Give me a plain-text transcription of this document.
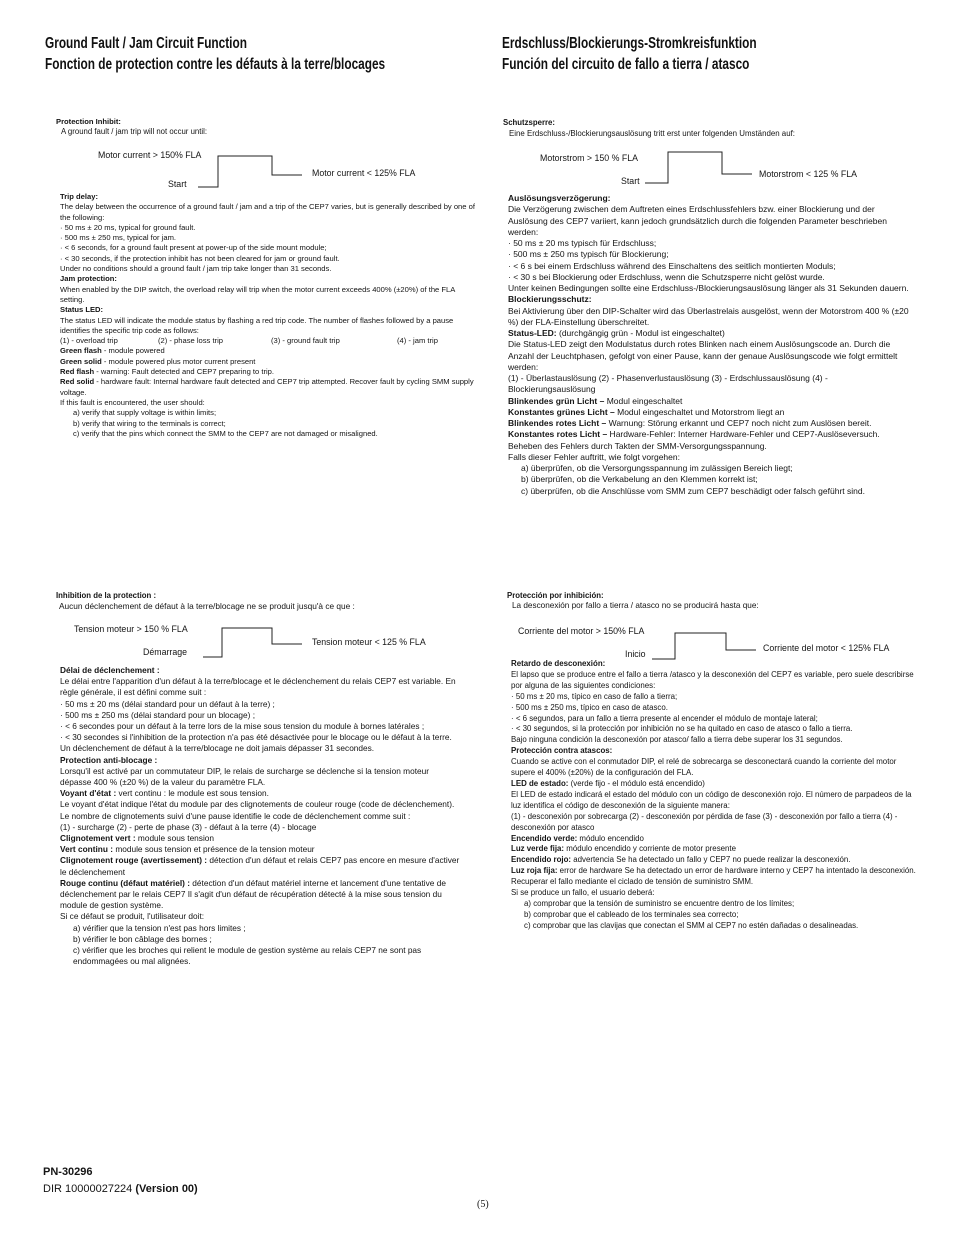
Ground Fault / Jam Circuit Function
Fonction de protection contre les défauts à la terre/blocages
Erdschluss/Blockierungs-Stromkreisfunktion
Función del circuito de fallo a tierra / atasco
Protection Inhibit:
A ground fault / jam trip will not occur until:
Motor current > 150% FLA
Start
Motor current < 125% FLA
Trip delay:
The delay between the occurrence of a ground fault / jam and a trip of the CEP7 varies, but is generally described by one of the following:
· 50 ms ± 20 ms, typical for ground fault.
· 500 ms ± 250 ms, typical for jam.
· < 6 seconds, for a ground fault present at power-up of the side mount module;
· < 30 seconds, if the protection inhibit has not been cleared for jam or ground fault.
Under no conditions should a ground fault / jam trip take longer than 31 seconds.
Jam protection:
When enabled by the DIP switch, the overload relay will trip when the motor current exceeds 400% (±20%) of the FLA setting.
Status LED:
The status LED will indicate the module status by flashing a red trip code. The number of flashes followed by a pause identifies the specific trip code as follows:
(1) - overload trip	(2) - phase loss trip	(3) - ground fault trip	(4) - jam trip
Green flash - module powered
Green solid - module powered plus motor current present
Red flash - warning: Fault detected and CEP7 preparing to trip.
Red solid - hardware fault: Internal hardware fault detected and CEP7 trip attempted. Recover fault by cycling SMM supply voltage.
If this fault is encountered, the user should:
a) verify that supply voltage is within limits;
b) verify that wiring to the terminals is correct;
c) verify that the pins which connect the SMM to the CEP7 are not damaged or misaligned.
Schutzsperre:
Eine Erdschluss-/Blockierungsauslösung tritt erst unter folgenden Umständen auf:
Motorstrom > 150 % FLA
Start
Motorstrom < 125 % FLA
Auslösungsverzögerung:
Die Verzögerung zwischen dem Auftreten eines Erdschlussfehlers bzw. einer Blockierung und der Auslösung des CEP7 variiert, kann jedoch grundsätzlich durch die folgenden Parameter beschrieben werden:
· 50 ms ± 20 ms typisch für Erdschluss;
· 500 ms ± 250 ms typisch für Blockierung;
· < 6 s bei einem Erdschluss während des Einschaltens des seitlich montierten Moduls;
· < 30 s bei Blockierung oder Erdschluss, wenn die Schutzsperre nicht gelöst wurde.
Unter keinen Bedingungen sollte eine Erdschluss-/Blockierungsauslösung länger als 31 Sekunden dauern.
Blockierungsschutz:
Bei Aktivierung über den DIP-Schalter wird das Überlastrelais ausgelöst, wenn der Motorstrom 400 % (±20 %) der FLA-Einstellung überschreitet.
Status-LED: (durchgängig grün - Modul ist eingeschaltet)
Die Status-LED zeigt den Modulstatus durch rotes Blinken nach einem Auslösungscode an. Durch die Anzahl der Leuchtphasen, gefolgt von einer Pause, kann der genaue Auslösungscode wie folgt ermittelt werden:
(1) - Überlastauslösung (2) - Phasenverlustauslösung (3) - Erdschlussauslösung (4) - Blockierungsauslösung
Blinkendes grün Licht – Modul eingeschaltet
Konstantes grünes Licht – Modul eingeschaltet und Motorstrom liegt an
Blinkendes rotes Licht – Warnung: Störung erkannt und CEP7 noch nicht zum Auslösen bereit.
Konstantes rotes Licht – Hardware-Fehler: Interner Hardware-Fehler und CEP7-Auslöseversuch.
Beheben des Fehlers durch Takten der SMM-Versorgungsspannung.
Falls dieser Fehler auftritt, wie folgt vorgehen:
a) überprüfen, ob die Versorgungsspannung im zulässigen Bereich liegt;
b) überprüfen, ob die Verkabelung an den Klemmen korrekt ist;
c) überprüfen, ob die Anschlüsse vom SMM zum CEP7 beschädigt oder falsch geführt sind.
Inhibition de la protection :
Aucun déclenchement de défaut à la terre/blocage ne se produit jusqu'à ce que :
Tension moteur > 150 % FLA
Démarrage
Tension moteur < 125 % FLA
Délai de déclenchement :
Le délai entre l'apparition d'un défaut à la terre/blocage et le déclenchement du relais CEP7 est variable. En règle générale, il est défini comme suit :
· 50 ms ± 20 ms (délai standard pour un défaut à la terre) ;
· 500 ms ± 250 ms (délai standard pour un blocage) ;
· < 6 secondes pour un défaut à la terre lors de la mise sous tension du module à bornes latérales ;
· < 30 secondes si l'inhibition de la protection n'a pas été désactivée pour le blocage ou le défaut à la terre.
Un déclenchement de défaut à la terre/blocage ne doit jamais dépasser 31 secondes.
Protection anti-blocage :
Lorsqu'il est activé par un commutateur DIP, le relais de surcharge se déclenche si la tension moteur dépasse 400 % (±20 %) de la valeur du paramètre FLA.
Voyant d'état : vert continu : le module est sous tension.
Le voyant d'état indique l'état du module par des clignotements de couleur rouge (code de déclenchement). Le nombre de clignotements suivi d'une pause identifie le code de déclenchement comme suit :
(1) - surcharge (2) - perte de phase (3) - défaut à la terre (4) - blocage
Clignotement vert : module sous tension
Vert continu : module sous tension et présence de la tension moteur
Clignotement rouge (avertissement) : détection d'un défaut et relais CEP7 pas encore en mesure d'activer le déclenchement
Rouge continu (défaut matériel) : détection d'un défaut matériel interne et lancement d'une tentative de déclenchement par le relais CEP7 Il s'agit d'un défaut de récupération détecté à la mise sous tension du module de gestion système.
Si ce défaut se produit, l'utilisateur doit:
a) vérifier que la tension n'est pas hors limites ;
b) vérifier le bon câblage des bornes ;
c) vérifier que les broches qui relient le module de gestion système au relais CEP7 ne sont pas endommagées ou mal alignées.
Protección por inhibición:
La desconexión por fallo a tierra / atasco no se producirá hasta que:
Corriente del motor > 150% FLA
Inicio
Corriente del motor < 125% FLA
Retardo de desconexión:
El lapso que se produce entre el fallo a tierra /atasco y la desconexión del CEP7 es variable, pero suele describirse por alguna de las siguientes condiciones:
· 50 ms ± 20 ms, típico en caso de fallo a tierra;
· 500 ms ± 250 ms, típico en caso de atasco.
· < 6 segundos, para un fallo a tierra presente al encender el módulo de montaje lateral;
· < 30 segundos, si la protección por inhibición no se ha quitado en caso de atasco o fallo a tierra.
Bajo ninguna condición la desconexión por atasco/ fallo a tierra debe superar los 31 segundos.
Protección contra atascos:
Cuando se active con el conmutador DIP, el relé de sobrecarga se desconectará cuando la corriente del motor supere el 400% (±20%) de la configuración del FLA.
LED de estado: (verde fijo - el módulo está encendido)
El LED de estado indicará el estado del módulo con un código de desconexión rojo. El número de parpadeos de la luz identifica el código de desconexión de la siguiente manera:
(1) - desconexión por sobrecarga (2) - desconexión por pérdida de fase (3) - desconexión por fallo a tierra (4) - desconexión por atasco
Encendido verde: módulo encendido
Luz verde fija: módulo encendido y corriente de motor presente
Encendido rojo: advertencia Se ha detectado un fallo y CEP7 no puede realizar la desconexión.
Luz roja fija: error de hardware Se ha detectado un error de hardware interno y CEP7 ha intentado la desconexión. Recuperar el fallo mediante el ciclado de tensión de suministro SMM.
Si se produce un fallo, el usuario deberá:
a) comprobar que la tensión de suministro se encuentre dentro de los límites;
b) comprobar que el cableado de los terminales sea correcto;
c) comprobar que las clavijas que conectan el SMM al CEP7 no estén dañadas o desalineadas.
PN-30296
DIR 10000027224 (Version 00)
(5)
